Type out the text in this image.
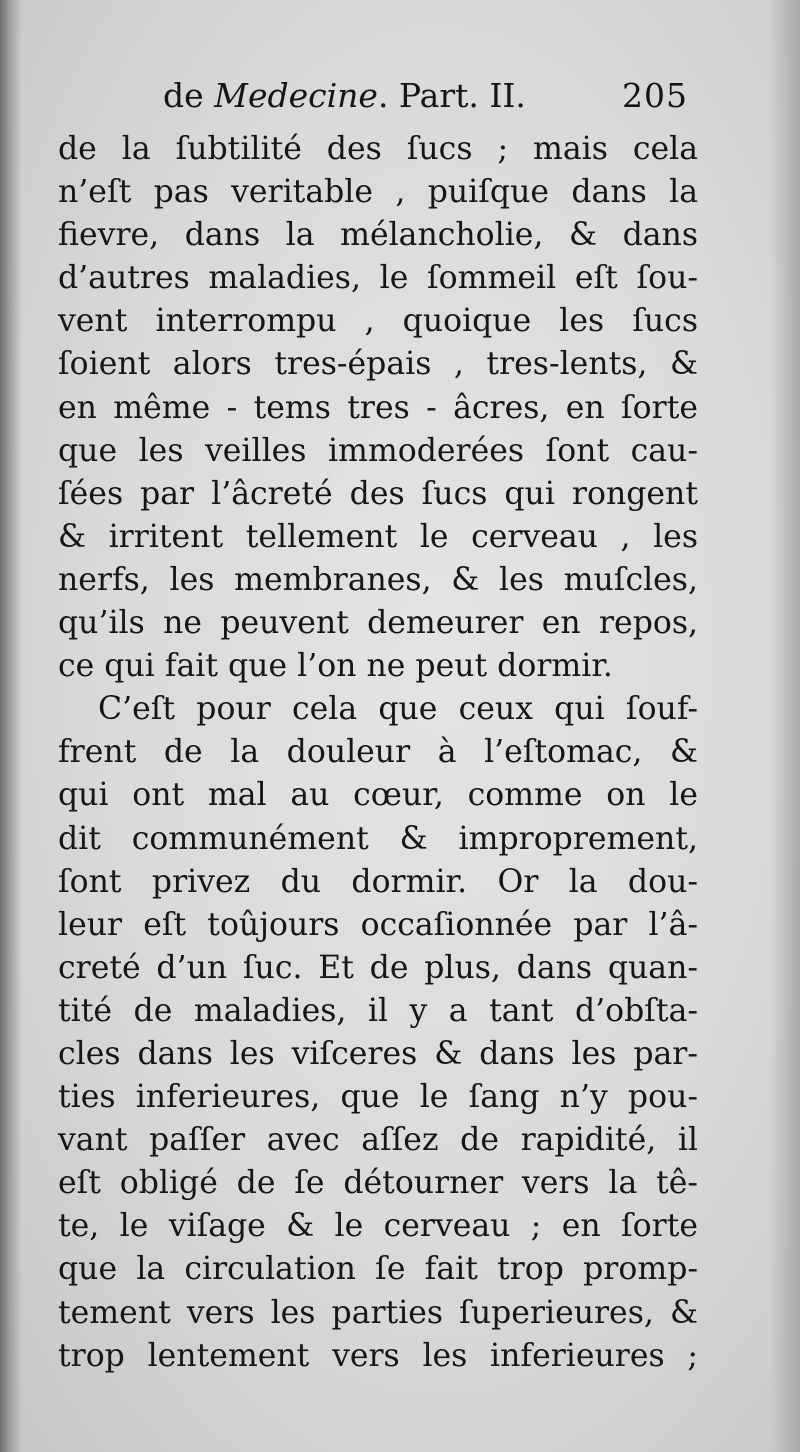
de Medecine. Part. II.	205
de la ſubtilité des ſucs ; mais cela
n’eſt pas veritable , puiſque dans la
fievre, dans la mélancholie, & dans
d’autres maladies, le ſommeil eſt ſou-
vent interrompu , quoique les ſucs
ſoient alors tres-épais , tres-lents, &
en même - tems tres - âcres, en ſorte
que les veilles immoderées ſont cau-
ſées par l’âcreté des ſucs qui rongent
& irritent tellement le cerveau , les
nerfs, les membranes, & les muſcles,
qu’ils ne peuvent demeurer en repos,
ce qui fait que l’on ne peut dormir.
C’eſt pour cela que ceux qui ſouf-
frent de la douleur à l’eſtomac, &
qui ont mal au cœur, comme on le
dit communément & improprement,
ſont privez du dormir. Or la dou-
leur eſt toûjours occaſionnée par l’â-
creté d’un ſuc. Et de plus, dans quan-
tité de maladies, il y a tant d’obſta-
cles dans les viſceres & dans les par-
ties inferieures, que le ſang n’y pou-
vant paſſer avec aſſez de rapidité, il
eſt obligé de ſe détourner vers la tê-
te, le viſage & le cerveau ; en ſorte
que la circulation ſe fait trop promp-
tement vers les parties ſuperieures, &
trop lentement vers les inferieures ;
